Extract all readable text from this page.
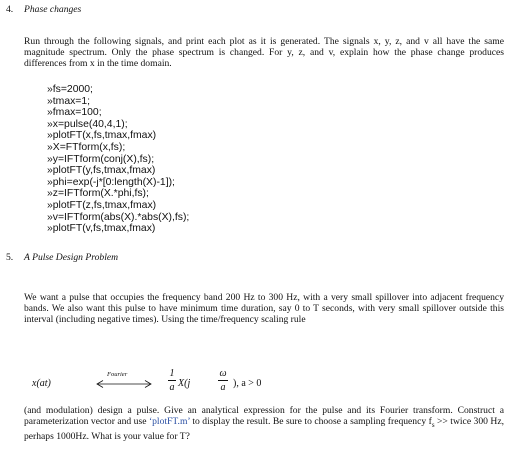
4. Phase changes
Run through the following signals, and print each plot as it is generated. The signals x, y, z, and v all have the same magnitude spectrum. Only the phase spectrum is changed. For y, z, and v, explain how the phase change produces differences from x in the time domain.
»fs=2000;
»tmax=1;
»fmax=100;
»x=pulse(40,4,1);
»plotFT(x,fs,tmax,fmax)
»X=FTform(x,fs);
»y=IFTform(conj(X),fs);
»plotFT(y,fs,tmax,fmax)
»phi=exp(-j*[0:length(X)-1]);
»z=IFTform(X.*phi,fs);
»plotFT(z,fs,tmax,fmax)
»v=IFTform(abs(X).*abs(X),fs);
»plotFT(v,fs,tmax,fmax)
5. A Pulse Design Problem
We want a pulse that occupies the frequency band 200 Hz to 300 Hz, with a very small spillover into adjacent frequency bands. We also want this pulse to have minimum time duration, say 0 to T seconds, with very small spillover outside this interval (including negative times). Using the time/frequency scaling rule
x(at)
Fourier	1
a X(j
ω
a ), a > 0
(and modulation) design a pulse. Give an analytical expression for the pulse and its Fourier transform. Construct a parameterization vector and use ‘plotFT.m’ to display the result. Be sure to choose a sampling frequency $f_s$ >> twice 300 Hz, perhaps 1000Hz. What is your value for T?
